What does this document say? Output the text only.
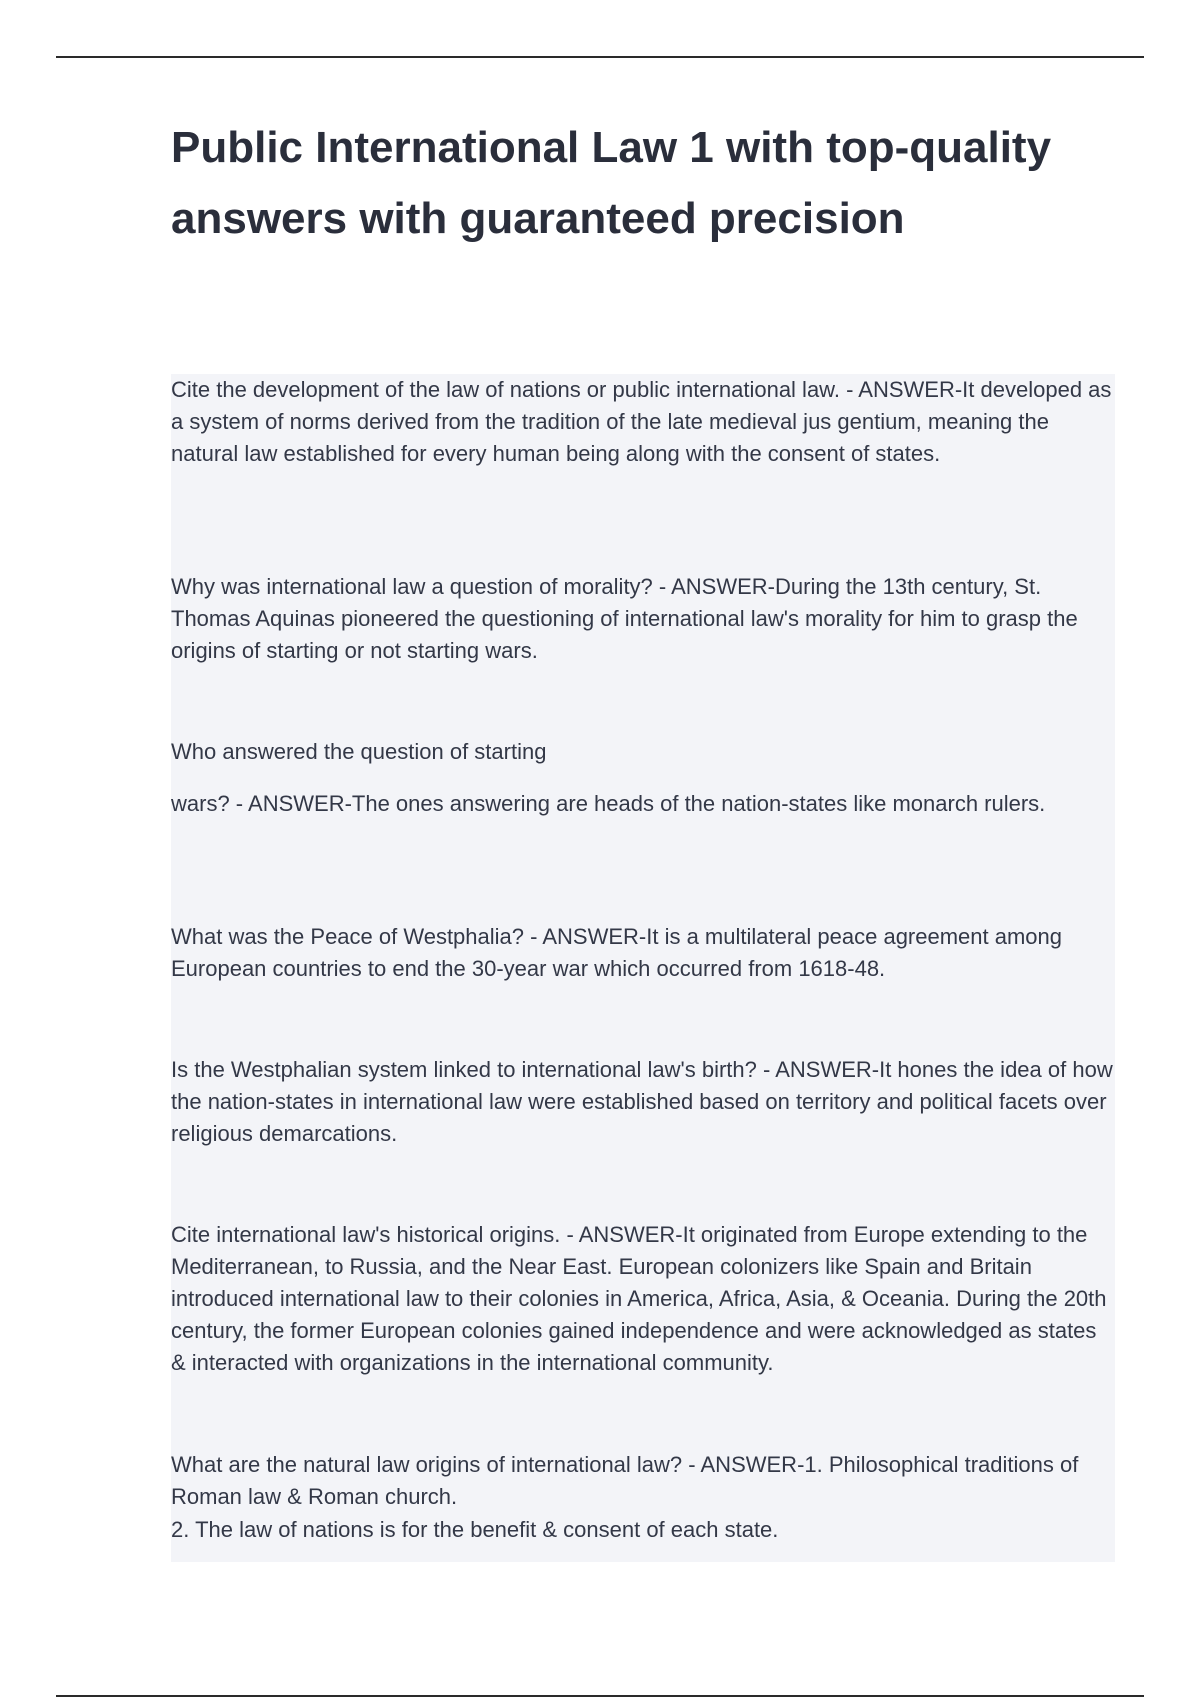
Public International Law 1 with top-quality answers with guaranteed precision

Cite the development of the law of nations or public international law. - ANSWER-It developed as a system of norms derived from the tradition of the late medieval jus gentium, meaning the natural law established for every human being along with the consent of states.

Why was international law a question of morality? - ANSWER-During the 13th century, St. Thomas Aquinas pioneered the questioning of international law's morality for him to grasp the origins of starting or not starting wars.

Who answered the question of starting

wars? - ANSWER-The ones answering are heads of the nation-states like monarch rulers.

What was the Peace of Westphalia? - ANSWER-It is a multilateral peace agreement among European countries to end the 30-year war which occurred from 1618-48.

Is the Westphalian system linked to international law's birth? - ANSWER-It hones the idea of how the nation-states in international law were established based on territory and political facets over religious demarcations.

Cite international law's historical origins. - ANSWER-It originated from Europe extending to the Mediterranean, to Russia, and the Near East. European colonizers like Spain and Britain introduced international law to their colonies in America, Africa, Asia, & Oceania. During the 20th century, the former European colonies gained independence and were acknowledged as states & interacted with organizations in the international community.

What are the natural law origins of international law? - ANSWER-1. Philosophical traditions of Roman law & Roman church.

2. The law of nations is for the benefit & consent of each state.
